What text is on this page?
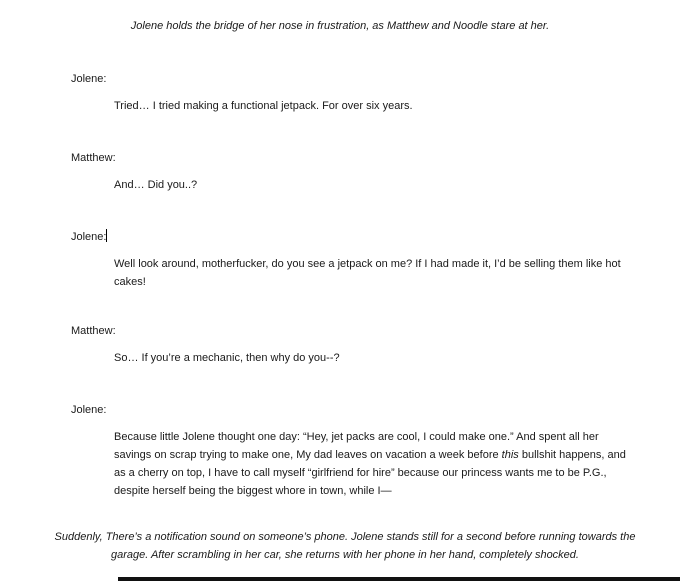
Jolene holds the bridge of her nose in frustration, as Matthew and Noodle stare at her.
Jolene:
Tried… I tried making a functional jetpack. For over six years.
Matthew:
And… Did you..?
Jolene:
Well look around, motherfucker, do you see a jetpack on me? If I had made it, I’d be selling them like hot cakes!
Matthew:
So… If you’re a mechanic, then why do you--?
Jolene:
Because little Jolene thought one day: “Hey, jet packs are cool, I could make one.” And spent all her savings on scrap trying to make one, My dad leaves on vacation a week before this bullshit happens, and as a cherry on top, I have to call myself “girlfriend for hire” because our princess wants me to be P.G., despite herself being the biggest whore in town, while I—
Suddenly, There’s a notification sound on someone’s phone. Jolene stands still for a second before running towards the garage. After scrambling in her car, she returns with her phone in her hand, completely shocked.
